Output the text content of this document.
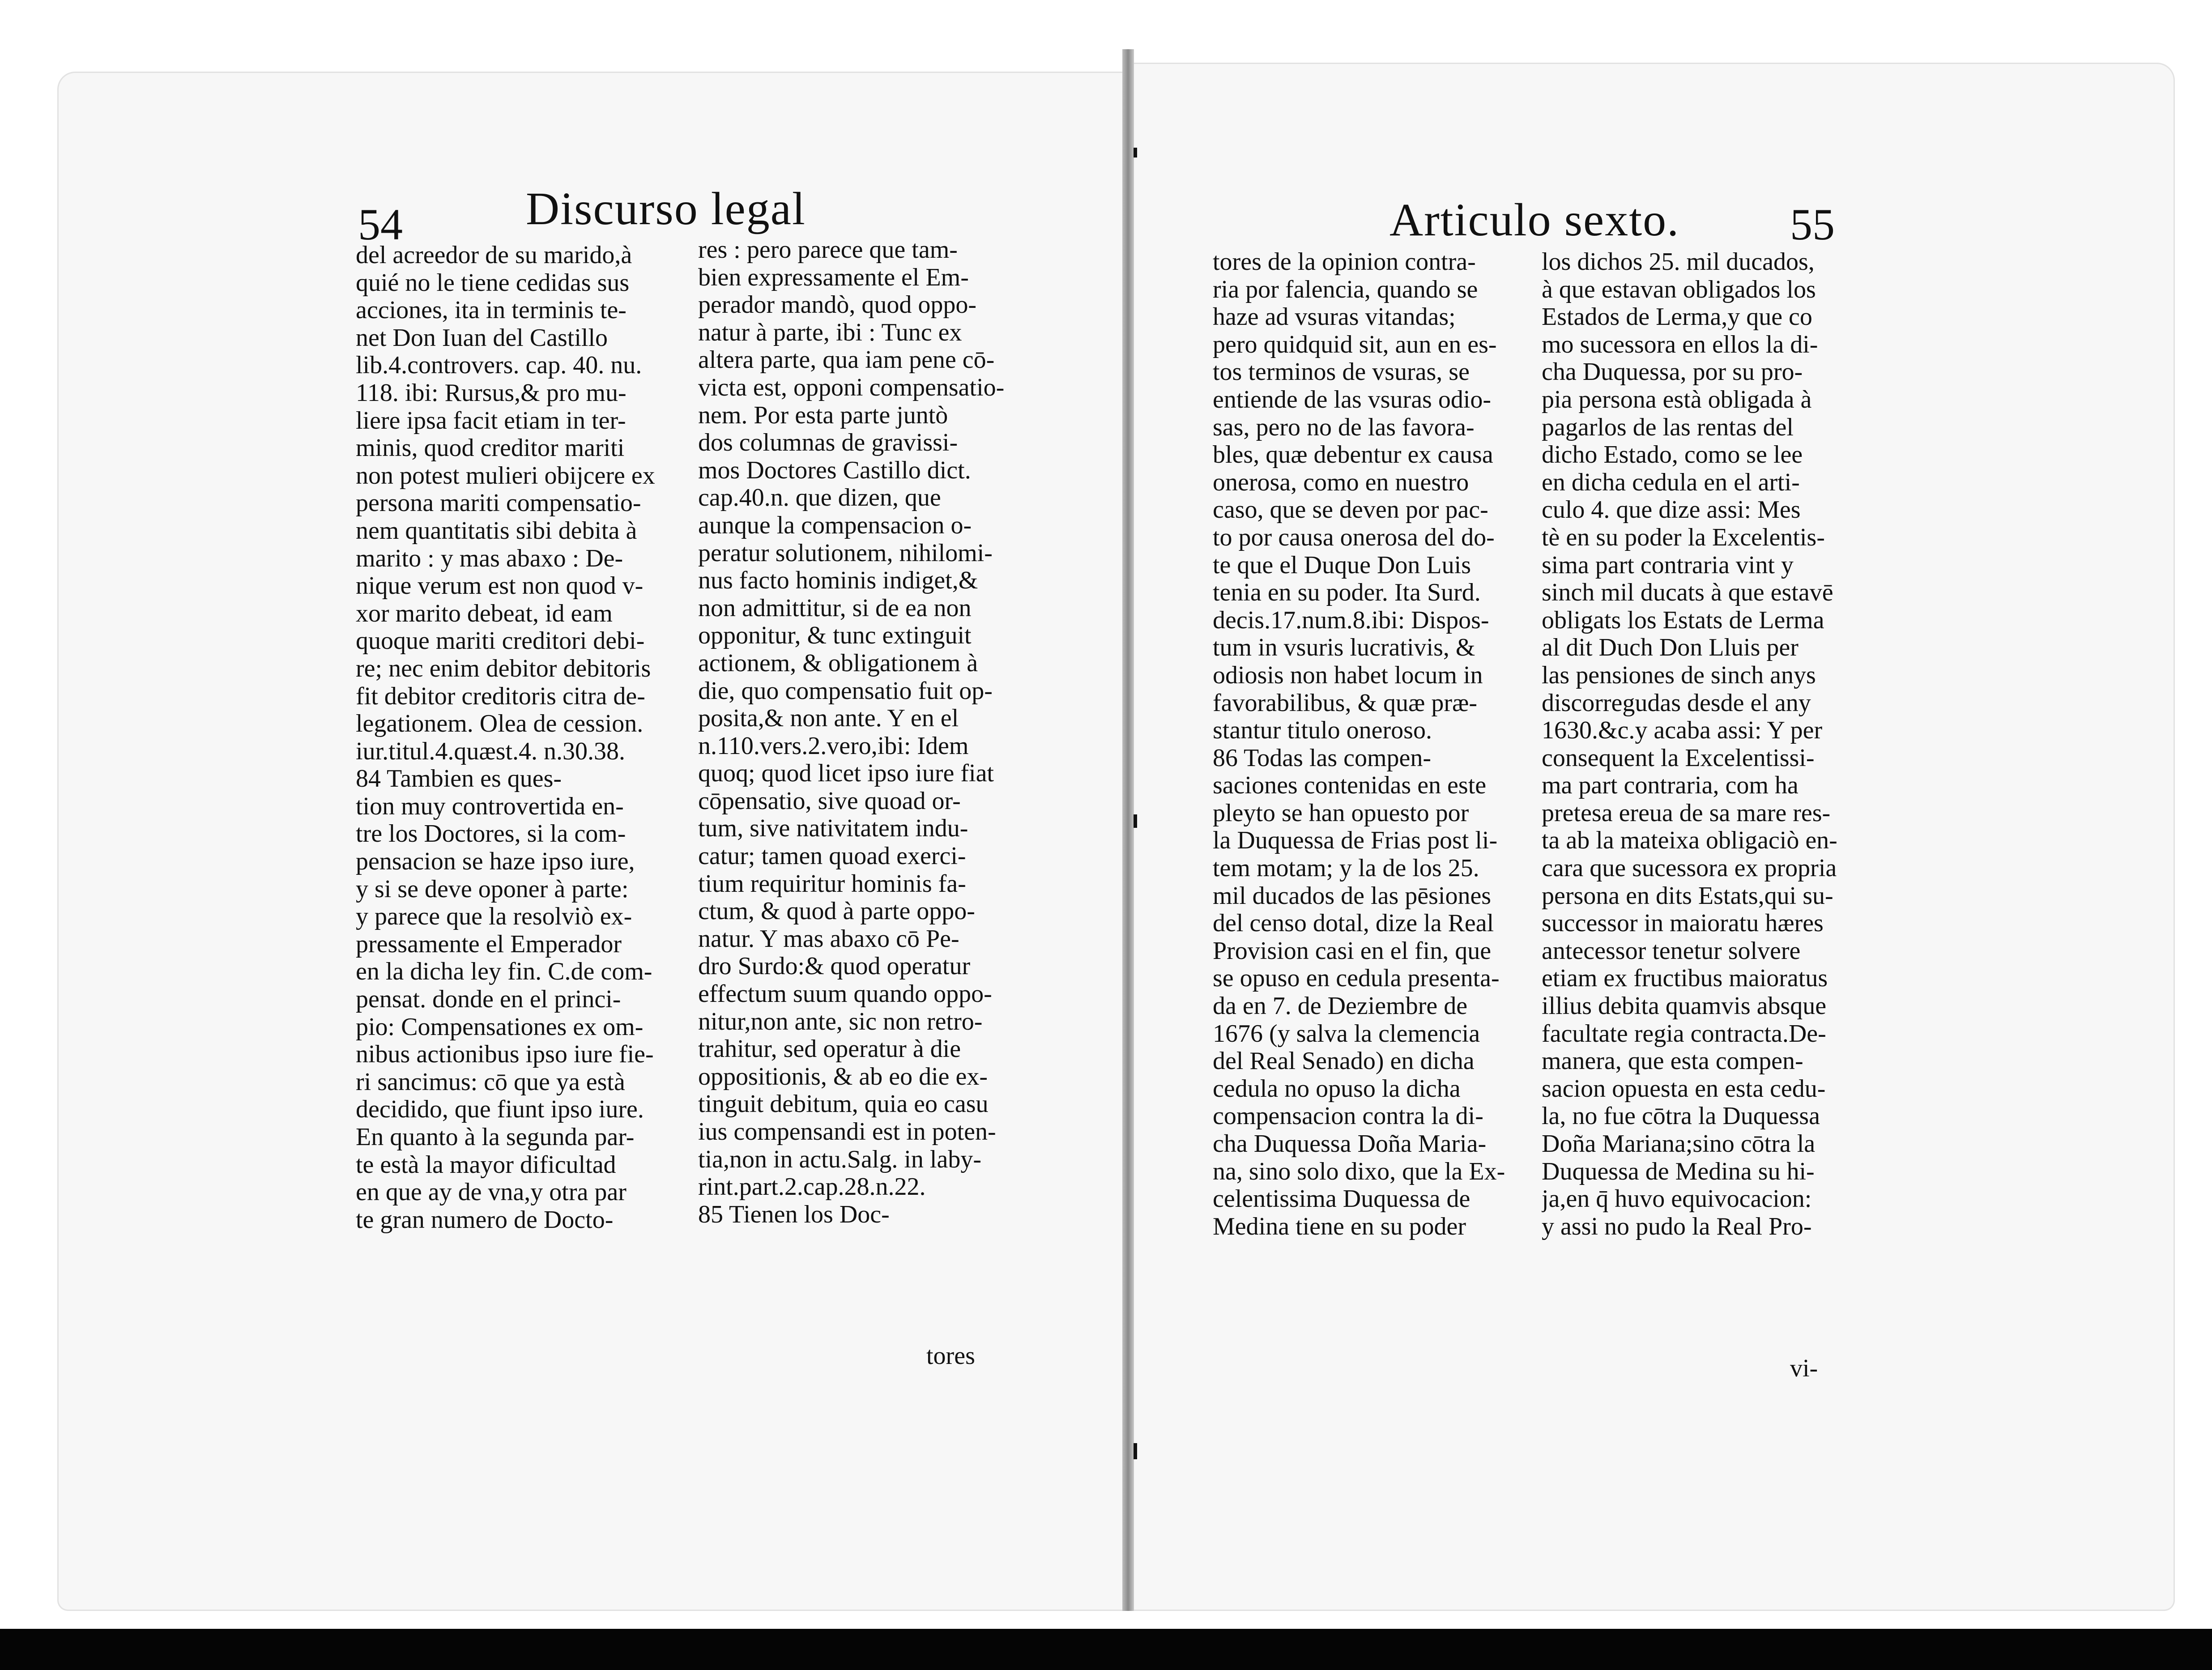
54	Discurso legal
del acreedor de su marido,à
quié no le tiene cedidas sus
acciones, ita in terminis te-
net Don Iuan del Castillo
lib.4.controvers. cap. 40. nu.
118. ibi: Rursus,& pro mu-
liere ipsa facit etiam in ter-
minis, quod creditor mariti
non potest mulieri obijcere ex
persona mariti compensatio-
nem quantitatis sibi debita à
marito : y mas abaxo : De-
nique verum est non quod v-
xor marito debeat, id eam
quoque mariti creditori debi-
re; nec enim debitor debitoris
fit debitor creditoris citra de-
legationem. Olea de cession.
iur.titul.4.quæst.4. n.30.38.
84 Tambien es ques-
tion muy controvertida en-
tre los Doctores, si la com-
pensacion se haze ipso iure,
y si se deve oponer à parte:
y parece que la resolviò ex-
pressamente el Emperador
en la dicha ley fin. C.de com-
pensat. donde en el princi-
pio: Compensationes ex om-
nibus actionibus ipso iure fie-
ri sancimus: cō que ya està
decidido, que fiunt ipso iure.
En quanto à la segunda par-
te està la mayor dificultad
en que ay de vna,y otra par
te gran numero de Docto-
res : pero parece que tam-
bien expressamente el Em-
perador mandò, quod oppo-
natur à parte, ibi : Tunc ex
altera parte, qua iam pene cō-
victa est, opponi compensatio-
nem. Por esta parte juntò
dos columnas de gravissi-
mos Doctores Castillo dict.
cap.40.n. que dizen, que
aunque la compensacion o-
peratur solutionem, nihilomi-
nus facto hominis indiget,&
non admittitur, si de ea non
opponitur, & tunc extinguit
actionem, & obligationem à
die, quo compensatio fuit op-
posita,& non ante. Y en el
n.110.vers.2.vero,ibi: Idem
quoq; quod licet ipso iure fiat
cōpensatio, sive quoad or-
tum, sive nativitatem indu-
catur; tamen quoad exerci-
tium requiritur hominis fa-
ctum, & quod à parte oppo-
natur. Y mas abaxo cō Pe-
dro Surdo:& quod operatur
effectum suum quando oppo-
nitur,non ante, sic non retro-
trahitur, sed operatur à die
oppositionis, & ab eo die ex-
tinguit debitum, quia eo casu
ius compensandi est in poten-
tia,non in actu.Salg. in laby-
rint.part.2.cap.28.n.22.
85 Tienen los Doc-
tores
Articulo sexto. 55
tores de la opinion contra-
ria por falencia, quando se
haze ad vsuras vitandas;
pero quidquid sit, aun en es-
tos terminos de vsuras, se
entiende de las vsuras odio-
sas, pero no de las favora-
bles, quæ debentur ex causa
onerosa, como en nuestro
caso, que se deven por pac-
to por causa onerosa del do-
te que el Duque Don Luis
tenia en su poder. Ita Surd.
decis.17.num.8.ibi: Dispos-
tum in vsuris lucrativis, &
odiosis non habet locum in
favorabilibus, & quæ præ-
stantur titulo oneroso.
86 Todas las compen-
saciones contenidas en este
pleyto se han opuesto por
la Duquessa de Frias post li-
tem motam; y la de los 25.
mil ducados de las pēsiones
del censo dotal, dize la Real
Provision casi en el fin, que
se opuso en cedula presenta-
da en 7. de Deziembre de
1676 (y salva la clemencia
del Real Senado) en dicha
cedula no opuso la dicha
compensacion contra la di-
cha Duquessa Doña Maria-
na, sino solo dixo, que la Ex-
celentissima Duquessa de
Medina tiene en su poder
los dichos 25. mil ducados,
à que estavan obligados los
Estados de Lerma,y que co
mo sucessora en ellos la di-
cha Duquessa, por su pro-
pia persona està obligada à
pagarlos de las rentas del
dicho Estado, como se lee
en dicha cedula en el arti-
culo 4. que dize assi: Mes
tè en su poder la Excelentis-
sima part contraria vint y
sinch mil ducats à que estavē
obligats los Estats de Lerma
al dit Duch Don Lluis per
las pensiones de sinch anys
discorregudas desde el any
1630.&c.y acaba assi: Y per
consequent la Excelentissi-
ma part contraria, com ha
pretesa ereua de sa mare res-
ta ab la mateixa obligaciò en-
cara que sucessora ex propria
persona en dits Estats,qui su-
successor in maioratu hæres
antecessor tenetur solvere
etiam ex fructibus maioratus
illius debita quamvis absque
facultate regia contracta.De-
manera, que esta compen-
sacion opuesta en esta cedu-
la, no fue cōtra la Duquessa
Doña Mariana;sino cōtra la
Duquessa de Medina su hi-
ja,en q̄ huvo equivocacion:
y assi no pudo la Real Pro-
vi-
